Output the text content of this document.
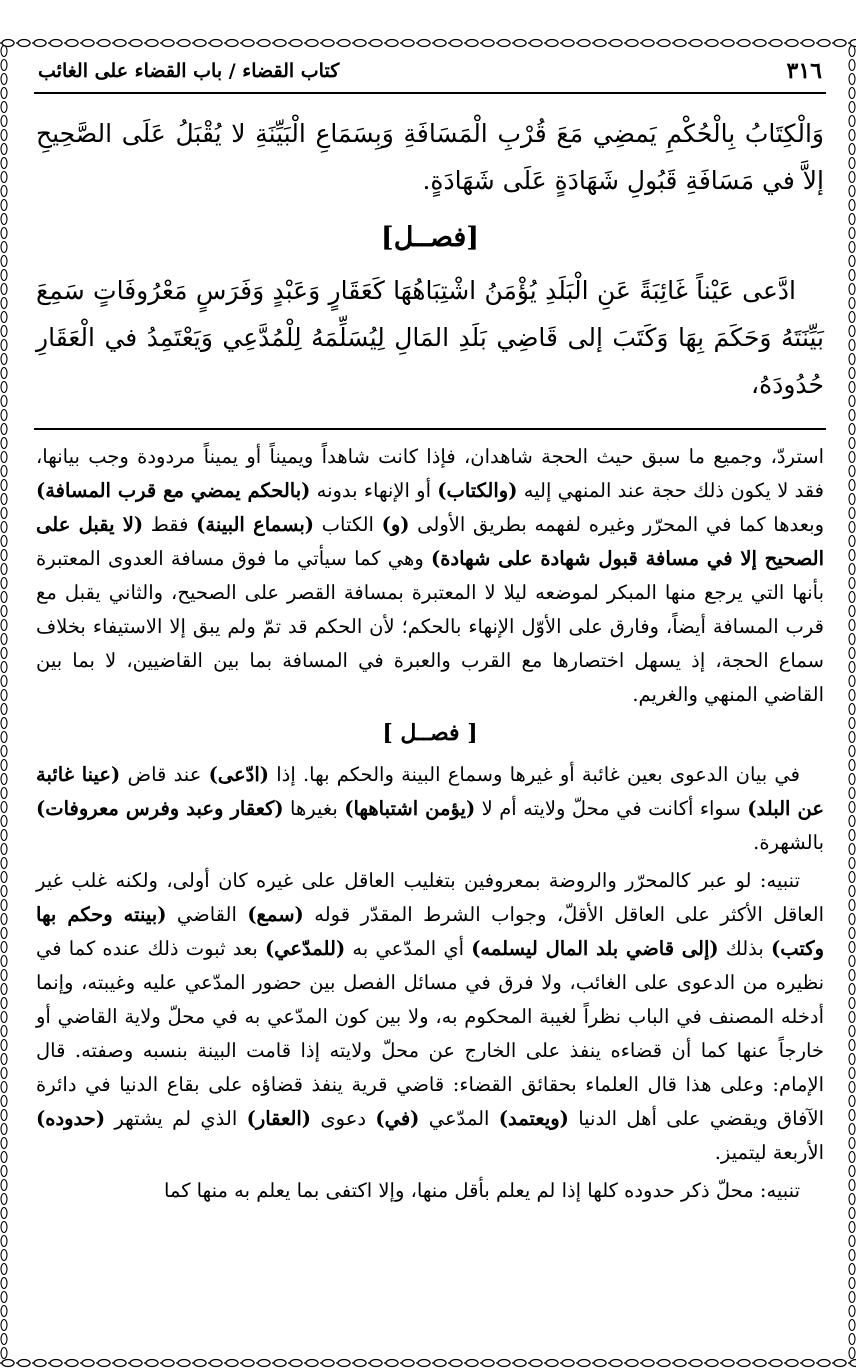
٣١٦
كتاب القضاء / باب القضاء على الغائب

وَالْكِتَابُ بِالْحُكْمِ يَمضِي مَعَ قُرْبِ الْمَسَافَةِ وَبِسَمَاعِ الْبَيِّنَةِ لا يُقْبَلُ عَلَى الصَّحِيحِ إلاَّ في مَسَافَةِ قَبُولِ شَهَادَةٍ عَلَى شَهَادَةٍ.

[فصــل]

ادَّعى عَيْناً غَائِبَةً عَنِ الْبَلَدِ يُؤْمَنُ اشْتِبَاهُهَا كَعَقَارٍ وَعَبْدٍ وَفَرَسٍ مَعْرُوفَاتٍ سَمِعَ بَيِّنَتَهُ وَحَكَمَ بِهَا وَكَتَبَ إلى قَاضِي بَلَدِ المَالِ لِيُسَلِّمَهُ لِلْمُدَّعِي وَيَعْتَمِدُ في الْعَقَارِ حُدُودَهُ،

استردّ، وجميع ما سبق حيث الحجة شاهدان، فإذا كانت شاهداً ويميناً أو يميناً مردودة وجب بيانها، فقد لا يكون ذلك حجة عند المنهي إليه (والكتاب) أو الإنهاء بدونه (بالحكم يمضي مع قرب المسافة) وبعدها كما في المحرّر وغيره لفهمه بطريق الأولى (و) الكتاب (بسماع البينة) فقط (لا يقبل على الصحيح إلا في مسافة قبول شهادة على شهادة) وهي كما سيأتي ما فوق مسافة العدوى المعتبرة بأنها التي يرجع منها المبكر لموضعه ليلا لا المعتبرة بمسافة القصر على الصحيح، والثاني يقبل مع قرب المسافة أيضاً، وفارق على الأوّل الإنهاء بالحكم؛ لأن الحكم قد تمّ ولم يبق إلا الاستيفاء بخلاف سماع الحجة، إذ يسهل اختصارها مع القرب والعبرة في المسافة بما بين القاضيين، لا بما بين القاضي المنهي والغريم.

[ فصــل ]

في بيان الدعوى بعين غائبة أو غيرها وسماع البينة والحكم بها. إذا (ادّعى) عند قاض (عينا غائبة عن البلد) سواء أكانت في محلّ ولايته أم لا (يؤمن اشتباهها) بغيرها (كعقار وعبد وفرس معروفات) بالشهرة.

تنبيه: لو عبر كالمحرّر والروضة بمعروفين بتغليب العاقل على غيره كان أولى، ولكنه غلب غير العاقل الأكثر على العاقل الأقلّ، وجواب الشرط المقدّر قوله (سمع) القاضي (بينته وحكم بها وكتب) بذلك (إلى قاضي بلد المال ليسلمه) أي المدّعي به (للمدّعي) بعد ثبوت ذلك عنده كما في نظيره من الدعوى على الغائب، ولا فرق في مسائل الفصل بين حضور المدّعي عليه وغيبته، وإنما أدخله المصنف في الباب نظراً لغيبة المحكوم به، ولا بين كون المدّعي به في محلّ ولاية القاضي أو خارجاً عنها كما أن قضاءه ينفذ على الخارج عن محلّ ولايته إذا قامت البينة بنسبه وصفته. قال الإمام: وعلى هذا قال العلماء بحقائق القضاء: قاضي قرية ينفذ قضاؤه على بقاع الدنيا في دائرة الآفاق ويقضي على أهل الدنيا (ويعتمد) المدّعي (في) دعوى (العقار) الذي لم يشتهر (حدوده) الأربعة ليتميز.

تنبيه: محلّ ذكر حدوده كلها إذا لم يعلم بأقل منها، وإلا اكتفى بما يعلم به منها كما
